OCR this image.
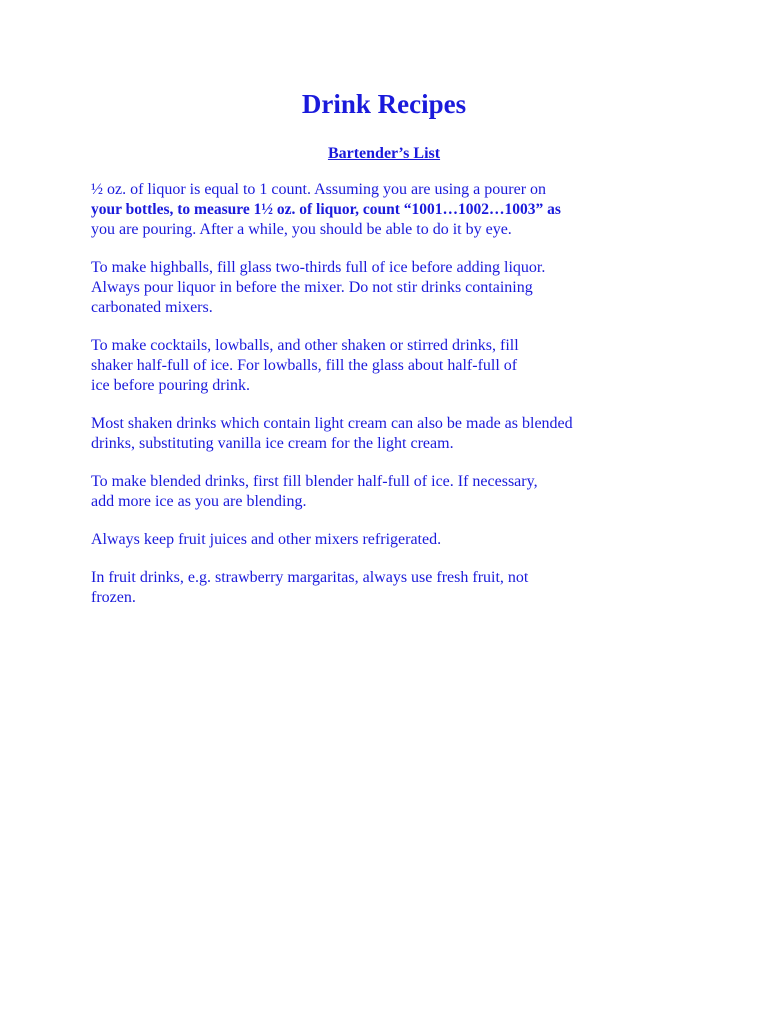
Drink Recipes
Bartender’s List

½ oz. of liquor is equal to 1 count. Assuming you are using a pourer on
your bottles, to measure 1½ oz. of liquor, count “1001…1002…1003” as
you are pouring. After a while, you should be able to do it by eye.

To make highballs, fill glass two-thirds full of ice before adding liquor.
Always pour liquor in before the mixer. Do not stir drinks containing
carbonated mixers.

To make cocktails, lowballs, and other shaken or stirred drinks, fill
shaker half-full of ice. For lowballs, fill the glass about half-full of
ice before pouring drink.

Most shaken drinks which contain light cream can also be made as blended
drinks, substituting vanilla ice cream for the light cream.

To make blended drinks, first fill blender half-full of ice. If necessary,
add more ice as you are blending.

Always keep fruit juices and other mixers refrigerated.

In fruit drinks, e.g. strawberry margaritas, always use fresh fruit, not
frozen.
